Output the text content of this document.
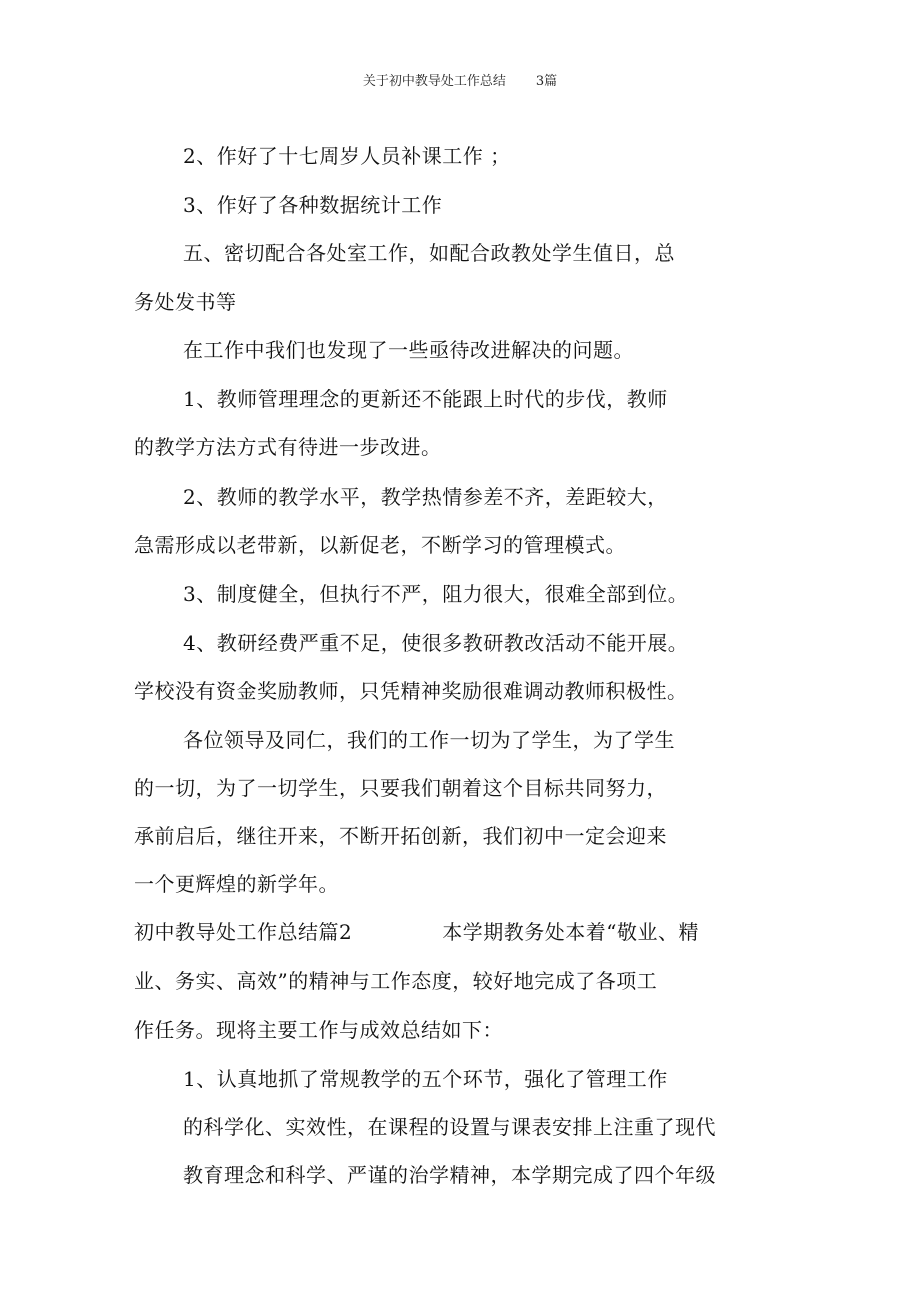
关于初中教导处工作总结 3篇
2、作好了十七周岁人员补课工作 ；
3、作好了各种数据统计工作
五、密切配合各处室工作，如配合政教处学生值日，总
务处发书等
在工作中我们也发现了一些亟待改进解决的问题。
1、教师管理理念的更新还不能跟上时代的步伐，教师
的教学方法方式有待进一步改进。
2、教师的教学水平，教学热情参差不齐，差距较大，
急需形成以老带新，以新促老，不断学习的管理模式。
3、制度健全，但执行不严，阻力很大，很难全部到位。
4、教研经费严重不足，使很多教研教改活动不能开展。
学校没有资金奖励教师，只凭精神奖励很难调动教师积极性。
各位领导及同仁，我们的工作一切为了学生，为了学生
的一切，为了一切学生，只要我们朝着这个目标共同努力，
承前启后，继往开来，不断开拓创新，我们初中一定会迎来
一个更辉煌的新学年。
初中教导处工作总结篇2	本学期教务处本着“敬业、精
业、务实、高效”的精神与工作态度，较好地完成了各项工
作任务。现将主要工作与成效总结如下：
1、认真地抓了常规教学的五个环节，强化了管理工作
的科学化、实效性，在课程的设置与课表安排上注重了现代
教育理念和科学、严谨的治学精神，本学期完成了四个年级
